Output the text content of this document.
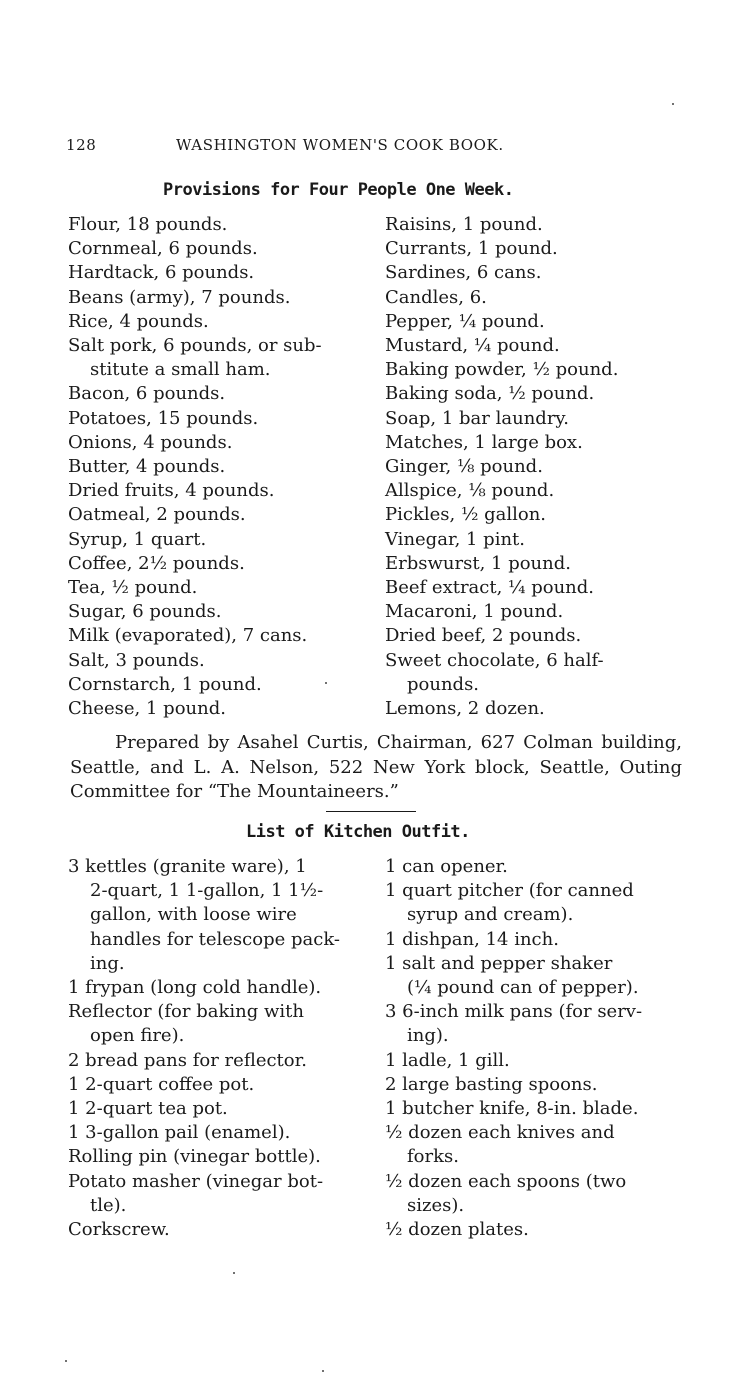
128	WASHINGTON WOMEN'S COOK BOOK.
Provisions for Four People One Week.
Flour, 18 pounds.
Cornmeal, 6 pounds.
Hardtack, 6 pounds.
Beans (army), 7 pounds.
Rice, 4 pounds.
Salt pork, 6 pounds, or sub-
stitute a small ham.
Bacon, 6 pounds.
Potatoes, 15 pounds.
Onions, 4 pounds.
Butter, 4 pounds.
Dried fruits, 4 pounds.
Oatmeal, 2 pounds.
Syrup, 1 quart.
Coffee, 2½ pounds.
Tea, ½ pound.
Sugar, 6 pounds.
Milk (evaporated), 7 cans.
Salt, 3 pounds.
Cornstarch, 1 pound.
Cheese, 1 pound.
Raisins, 1 pound.
Currants, 1 pound.
Sardines, 6 cans.
Candles, 6.
Pepper, ¼ pound.
Mustard, ¼ pound.
Baking powder, ½ pound.
Baking soda, ½ pound.
Soap, 1 bar laundry.
Matches, 1 large box.
Ginger, ⅛ pound.
Allspice, ⅛ pound.
Pickles, ½ gallon.
Vinegar, 1 pint.
Erbswurst, 1 pound.
Beef extract, ¼ pound.
Macaroni, 1 pound.
Dried beef, 2 pounds.
Sweet chocolate, 6 half-
pounds.
Lemons, 2 dozen.

Prepared by Asahel Curtis, Chairman, 627 Colman building, Seattle, and L. A. Nelson, 522 New York block, Seattle, Outing Committee for “The Mountaineers.”

List of Kitchen Outfit.
3 kettles (granite ware), 1
2-quart, 1 1-gallon, 1 1½-
gallon, with loose wire
handles for telescope pack-
ing.
1 frypan (long cold handle).
Reflector (for baking with
open fire).
2 bread pans for reflector.
1 2-quart coffee pot.
1 2-quart tea pot.
1 3-gallon pail (enamel).
Rolling pin (vinegar bottle).
Potato masher (vinegar bot-
tle).
Corkscrew.
1 can opener.
1 quart pitcher (for canned
syrup and cream).
1 dishpan, 14 inch.
1 salt and pepper shaker
(¼ pound can of pepper).
3 6-inch milk pans (for serv-
ing).
1 ladle, 1 gill.
2 large basting spoons.
1 butcher knife, 8-in. blade.
½ dozen each knives and
forks.
½ dozen each spoons (two
sizes).
½ dozen plates.
